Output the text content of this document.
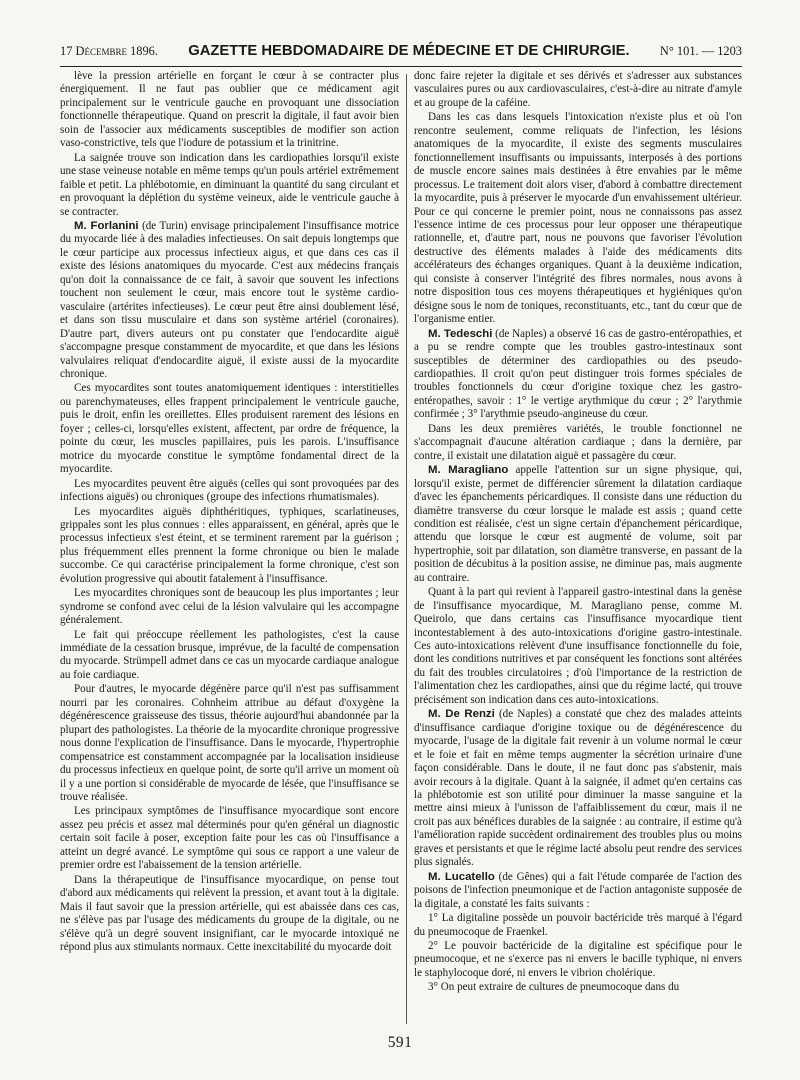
17 Décembre 1896. GAZETTE HEBDOMADAIRE DE MÉDECINE ET DE CHIRURGIE. N° 101. — 1203

lève la pression artérielle en forçant le cœur à se contracter plus énergiquement. Il ne faut pas oublier que ce médicament agit principalement sur le ventricule gauche en provoquant une dissociation fonctionnelle thérapeutique. Quand on prescrit la digitale, il faut avoir bien soin de l'associer aux médicaments susceptibles de modifier son action vaso-constrictive, tels que l'iodure de potassium et la trinitrine.

La saignée trouve son indication dans les cardiopathies lorsqu'il existe une stase veineuse notable en même temps qu'un pouls artériel extrêmement faible et petit. La phlébotomie, en diminuant la quantité du sang circulant et en provoquant la déplétion du système veineux, aide le ventricule gauche à se contracter.

M. Forlanini (de Turin) envisage principalement l'insuffisance motrice du myocarde liée à des maladies infectieuses. On sait depuis longtemps que le cœur participe aux processus infectieux aigus, et que dans ces cas il existe des lésions anatomiques du myocarde. C'est aux médecins français qu'on doit la connaissance de ce fait, à savoir que souvent les infections touchent non seulement le cœur, mais encore tout le système cardio-vasculaire (artérites infectieuses). Le cœur peut être ainsi doublement lésé, et dans son tissu musculaire et dans son système artériel (coronaires). D'autre part, divers auteurs ont pu constater que l'endocardite aiguë s'accompagne presque constamment de myocardite, et que dans les lésions valvulaires reliquat d'endocardite aiguë, il existe aussi de la myocardite chronique.

Ces myocardites sont toutes anatomiquement identiques : interstitielles ou parenchymateuses, elles frappent principalement le ventricule gauche, puis le droit, enfin les oreillettes. Elles produisent rarement des lésions en foyer ; celles-ci, lorsqu'elles existent, affectent, par ordre de fréquence, la pointe du cœur, les muscles papillaires, puis les parois. L'insuffisance motrice du myocarde constitue le symptôme fondamental direct de la myocardite.

Les myocardites peuvent être aiguës (celles qui sont provoquées par des infections aiguës) ou chroniques (groupe des infections rhumatismales).

Les myocardites aiguës diphthéritiques, typhiques, scarlatineuses, grippales sont les plus connues : elles apparaissent, en général, après que le processus infectieux s'est éteint, et se terminent rarement par la guérison ; plus fréquemment elles prennent la forme chronique ou bien le malade succombe. Ce qui caractérise principalement la forme chronique, c'est son évolution progressive qui aboutit fatalement à l'insuffisance.

Les myocardites chroniques sont de beaucoup les plus importantes ; leur syndrome se confond avec celui de la lésion valvulaire qui les accompagne généralement.

Le fait qui préoccupe réellement les pathologistes, c'est la cause immédiate de la cessation brusque, imprévue, de la faculté de compensation du myocarde. Strümpell admet dans ce cas un myocarde cardiaque analogue au foie cardiaque.

Pour d'autres, le myocarde dégénère parce qu'il n'est pas suffisamment nourri par les coronaires. Cohnheim attribue au défaut d'oxygène la dégénérescence graisseuse des tissus, théorie aujourd'hui abandonnée par la plupart des pathologistes. La théorie de la myocardite chronique progressive nous donne l'explication de l'insuffisance. Dans le myocarde, l'hypertrophie compensatrice est constamment accompagnée par la localisation insidieuse du processus infectieux en quelque point, de sorte qu'il arrive un moment où il y a une portion si considérable de myocarde de lésée, que l'insuffisance se trouve réalisée.

Les principaux symptômes de l'insuffisance myocardique sont encore assez peu précis et assez mal déterminés pour qu'en général un diagnostic certain soit facile à poser, exception faite pour les cas où l'insuffisance a atteint un degré avancé. Le symptôme qui sous ce rapport a une valeur de premier ordre est l'abaissement de la tension artérielle.

Dans la thérapeutique de l'insuffisance myocardique, on pense tout d'abord aux médicaments qui relèvent la pression, et avant tout à la digitale. Mais il faut savoir que la pression artérielle, qui est abaissée dans ces cas, ne s'élève pas par l'usage des médicaments du groupe de la digitale, ou ne s'élève qu'à un degré souvent insignifiant, car le myocarde intoxiqué ne répond plus aux stimulants normaux. Cette inexcitabilité du myocarde doit

donc faire rejeter la digitale et ses dérivés et s'adresser aux substances vasculaires pures ou aux cardiovasculaires, c'est-à-dire au nitrate d'amyle et au groupe de la caféine.

Dans les cas dans lesquels l'intoxication n'existe plus et où l'on rencontre seulement, comme reliquats de l'infection, les lésions anatomiques de la myocardite, il existe des segments musculaires fonctionnellement insuffisants ou impuissants, interposés à des portions de muscle encore saines mais destinées à être envahies par le même processus. Le traitement doit alors viser, d'abord à combattre directement la myocardite, puis à préserver le myocarde d'un envahissement ultérieur. Pour ce qui concerne le premier point, nous ne connaissons pas assez l'essence intime de ces processus pour leur opposer une thérapeutique rationnelle, et, d'autre part, nous ne pouvons que favoriser l'évolution destructive des éléments malades à l'aide des médicaments dits accélérateurs des échanges organiques. Quant à la deuxième indication, qui consiste à conserver l'intégrité des fibres normales, nous avons à notre disposition tous ces moyens thérapeutiques et hygiéniques qu'on désigne sous le nom de toniques, reconstituants, etc., tant du cœur que de l'organisme entier.

M. Tedeschi (de Naples) a observé 16 cas de gastro-entéropathies, et a pu se rendre compte que les troubles gastro-intestinaux sont susceptibles de déterminer des cardiopathies ou des pseudo-cardiopathies. Il croit qu'on peut distinguer trois formes spéciales de troubles fonctionnels du cœur d'origine toxique chez les gastro-entéropathes, savoir : 1° le vertige arythmique du cœur ; 2° l'arythmie confirmée ; 3° l'arythmie pseudo-angineuse du cœur.

Dans les deux premières variétés, le trouble fonctionnel ne s'accompagnait d'aucune altération cardiaque ; dans la dernière, par contre, il existait une dilatation aiguë et passagère du cœur.

M. Maragliano appelle l'attention sur un signe physique, qui, lorsqu'il existe, permet de différencier sûrement la dilatation cardiaque d'avec les épanchements péricardiques. Il consiste dans une réduction du diamètre transverse du cœur lorsque le malade est assis ; quand cette condition est réalisée, c'est un signe certain d'épanchement péricardique, attendu que lorsque le cœur est augmenté de volume, soit par hypertrophie, soit par dilatation, son diamètre transverse, en passant de la position de décubitus à la position assise, ne diminue pas, mais augmente au contraire.

Quant à la part qui revient à l'appareil gastro-intestinal dans la genèse de l'insuffisance myocardique, M. Maragliano pense, comme M. Queirolo, que dans certains cas l'insuffisance myocardique tient incontestablement à des auto-intoxications d'origine gastro-intestinale. Ces auto-intoxications relèvent d'une insuffisance fonctionnelle du foie, dont les conditions nutritives et par conséquent les fonctions sont altérées du fait des troubles circulatoires ; d'où l'importance de la restriction de l'alimentation chez les cardiopathes, ainsi que du régime lacté, qui trouve précisément son indication dans ces auto-intoxications.

M. De Renzi (de Naples) a constaté que chez des malades atteints d'insuffisance cardiaque d'origine toxique ou de dégénérescence du myocarde, l'usage de la digitale fait revenir à un volume normal le cœur et le foie et fait en même temps augmenter la sécrétion urinaire d'une façon considérable. Dans le doute, il ne faut donc pas s'abstenir, mais avoir recours à la digitale. Quant à la saignée, il admet qu'en certains cas la phlébotomie est son utilité pour diminuer la masse sanguine et la mettre ainsi mieux à l'unisson de l'affaiblissement du cœur, mais il ne croit pas aux bénéfices durables de la saignée : au contraire, il estime qu'à l'amélioration rapide succèdent ordinairement des troubles plus ou moins graves et persistants et que le régime lacté absolu peut rendre des services plus signalés.

M. Lucatello (de Gênes) qui a fait l'étude comparée de l'action des poisons de l'infection pneumonique et de l'action antagoniste supposée de la digitale, a constaté les faits suivants :

1° La digitaline possède un pouvoir bactéricide très marqué à l'égard du pneumocoque de Fraenkel.

2° Le pouvoir bactéricide de la digitaline est spécifique pour le pneumocoque, et ne s'exerce pas ni envers le bacille typhique, ni envers le staphylocoque doré, ni envers le vibrion cholérique.

3° On peut extraire de cultures de pneumocoque dans du

591
